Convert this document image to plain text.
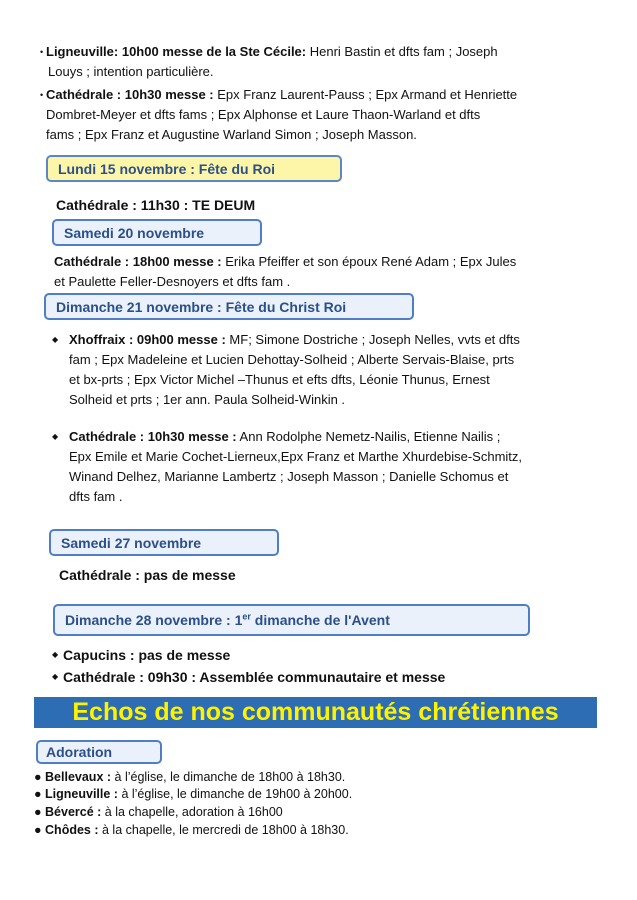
• Ligneuville: 10h00 messe de la Ste Cécile: Henri Bastin et dfts fam ; Joseph
Louys ; intention particulière.
• Cathédrale : 10h30 messe : Epx Franz Laurent-Pauss ; Epx Armand et Henriette
Dombret-Meyer et dfts fams ; Epx Alphonse et Laure Thaon-Warland et dfts
fams ; Epx Franz et Augustine Warland Simon ; Joseph Masson.
Lundi 15 novembre : Fête du Roi
Cathédrale : 11h30 : TE DEUM
Samedi 20 novembre
Cathédrale : 18h00 messe : Erika Pfeiffer et son époux René Adam ; Epx Jules
et Paulette Feller-Desnoyers et dfts fam .
Dimanche 21 novembre : Fête du Christ Roi
◆ Xhoffraix : 09h00 messe : MF; Simone Dostriche ; Joseph Nelles, vvts et dfts
fam ; Epx Madeleine et Lucien Dehottay-Solheid ; Alberte Servais-Blaise, prts
et bx-prts ; Epx Victor Michel –Thunus et efts dfts, Léonie Thunus, Ernest
Solheid et prts ; 1er ann. Paula Solheid-Winkin .
◆ Cathédrale : 10h30 messe : Ann Rodolphe Nemetz-Nailis, Etienne Nailis ;
Epx Emile et Marie Cochet-Lierneux,Epx Franz et Marthe Xhurdebise-Schmitz,
Winand Delhez, Marianne Lambertz ; Joseph Masson ; Danielle Schomus et
dfts fam .
Samedi 27 novembre
Cathédrale : pas de messe
Dimanche 28 novembre : 1er dimanche de l'Avent
◆ Capucins : pas de messe
◆ Cathédrale : 09h30 : Assemblée communautaire et messe
Echos de nos communautés chrétiennes
Adoration
● Bellevaux : à l’église, le dimanche de 18h00 à 18h30.
● Ligneuville : à l’église, le dimanche de 19h00 à 20h00.
● Bévercé : à la chapelle, adoration à 16h00
● Chôdes : à la chapelle, le mercredi de 18h00 à 18h30.
